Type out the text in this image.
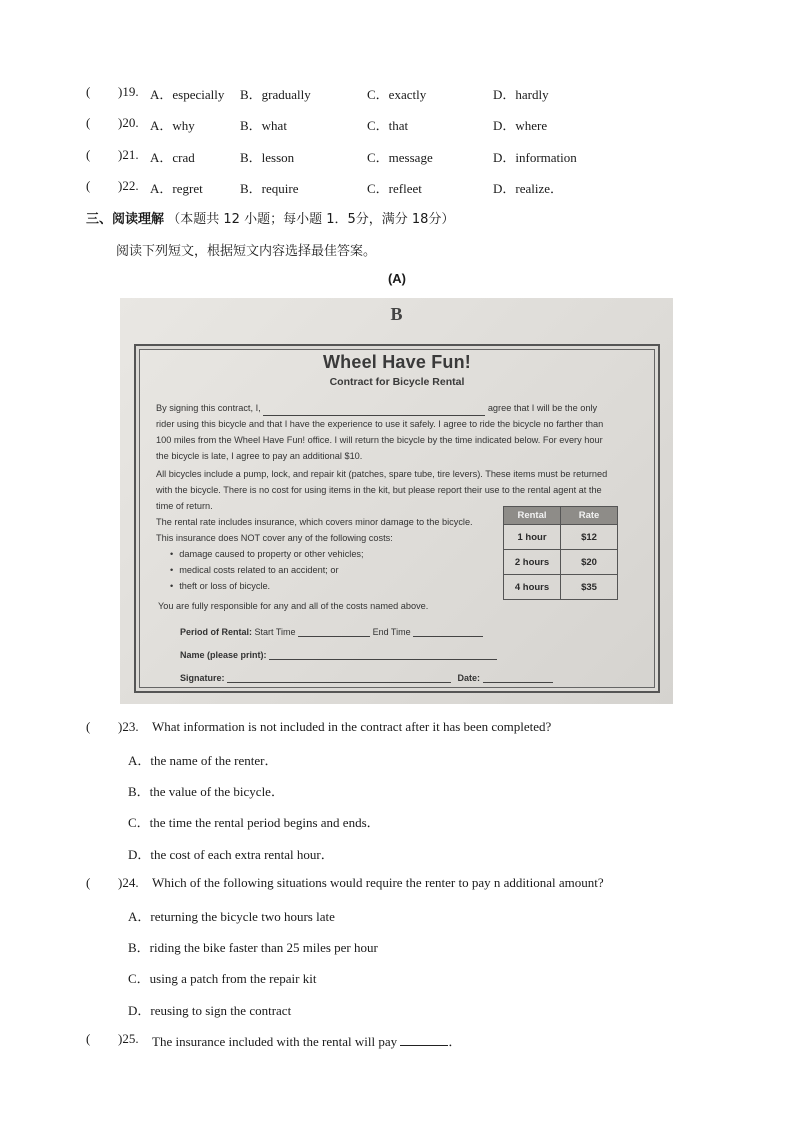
( )19. A．especially B．gradually	C．exactly	D．hardly
( )20. A．why	B．what	C．that	D．where
( )21. A．crad	B．lesson	C．message	D．information
( )22. A．regret	B．require	C．refleet	D．realize．
三、阅读理解 （本题共 12 小题；每小题 1．5分，满分 18分）
阅读下列短文，根据短文内容选择最佳答案。
(A)
B
Wheel Have Fun!
Contract for Bicycle Rental
By signing this contract, I,	agree that I will be the only
rider using this bicycle and that I have the experience to use it safely. I agree to ride the bicycle no farther than
100 miles from the Wheel Have Fun! office. I will return the bicycle by the time indicated below. For every hour
the bicycle is late, I agree to pay an additional $10.
All bicycles include a pump, lock, and repair kit (patches, spare tube, tire levers). These items must be returned
with the bicycle. There is no cost for using items in the kit, but please report their use to the rental agent at the
time of return.
The rental rate includes insurance, which covers minor damage to the bicycle.
This insurance does NOT cover any of the following costs:
• damage caused to property or other vehicles;
• medical costs related to an accident; or
• theft or loss of bicycle.
You are fully responsible for any and all of the costs named above.
Rental	Rate
1 hour	$12
2 hours	$20
4 hours	$35
Period of Rental: Start Time	End Time
Name (please print):
Signature:	Date:
( )23. What information is not included in the contract after it has been completed?
A．the name of the renter．
B．the value of the bicycle．
C．the time the rental period begins and ends．
D．the cost of each extra rental hour．
( )24. Which of the following situations would require the renter to pay n additional amount?
A．returning the bicycle two hours late
B．riding the bike faster than 25 miles per hour
C．using a patch from the repair kit
D．reusing to sign the contract
( )25. The insurance included with the rental will pay	．
